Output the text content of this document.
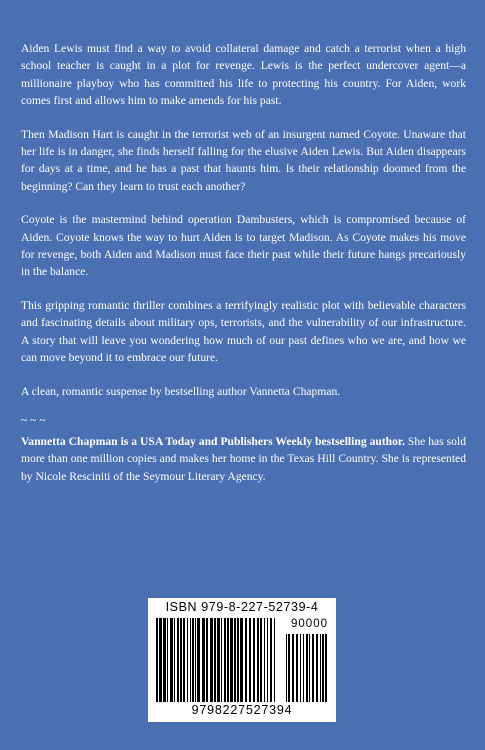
Aiden Lewis must find a way to avoid collateral damage and catch a terrorist when a high school teacher is caught in a plot for revenge. Lewis is the perfect undercover agent—a millionaire playboy who has committed his life to protecting his country. For Aiden, work comes first and allows him to make amends for his past.

Then Madison Hart is caught in the terrorist web of an insurgent named Coyote. Unaware that her life is in danger, she finds herself falling for the elusive Aiden Lewis. But Aiden disappears for days at a time, and he has a past that haunts him. Is their relationship doomed from the beginning? Can they learn to trust each another?

Coyote is the mastermind behind operation Dambusters, which is compromised because of Aiden. Coyote knows the way to hurt Aiden is to target Madison. As Coyote makes his move for revenge, both Aiden and Madison must face their past while their future hangs precariously in the balance.

This gripping romantic thriller combines a terrifyingly realistic plot with believable characters and fascinating details about military ops, terrorists, and the vulnerability of our infrastructure. A story that will leave you wondering how much of our past defines who we are, and how we can move beyond it to embrace our future.

A clean, romantic suspense by bestselling author Vannetta Chapman.

~ ~ ~

Vannetta Chapman is a USA Today and Publishers Weekly bestselling author. She has sold more than one million copies and makes her home in the Texas Hill Country. She is represented by Nicole Resciniti of the Seymour Literary Agency.

ISBN 979-8-227-52739-4
90000
9798227527394
